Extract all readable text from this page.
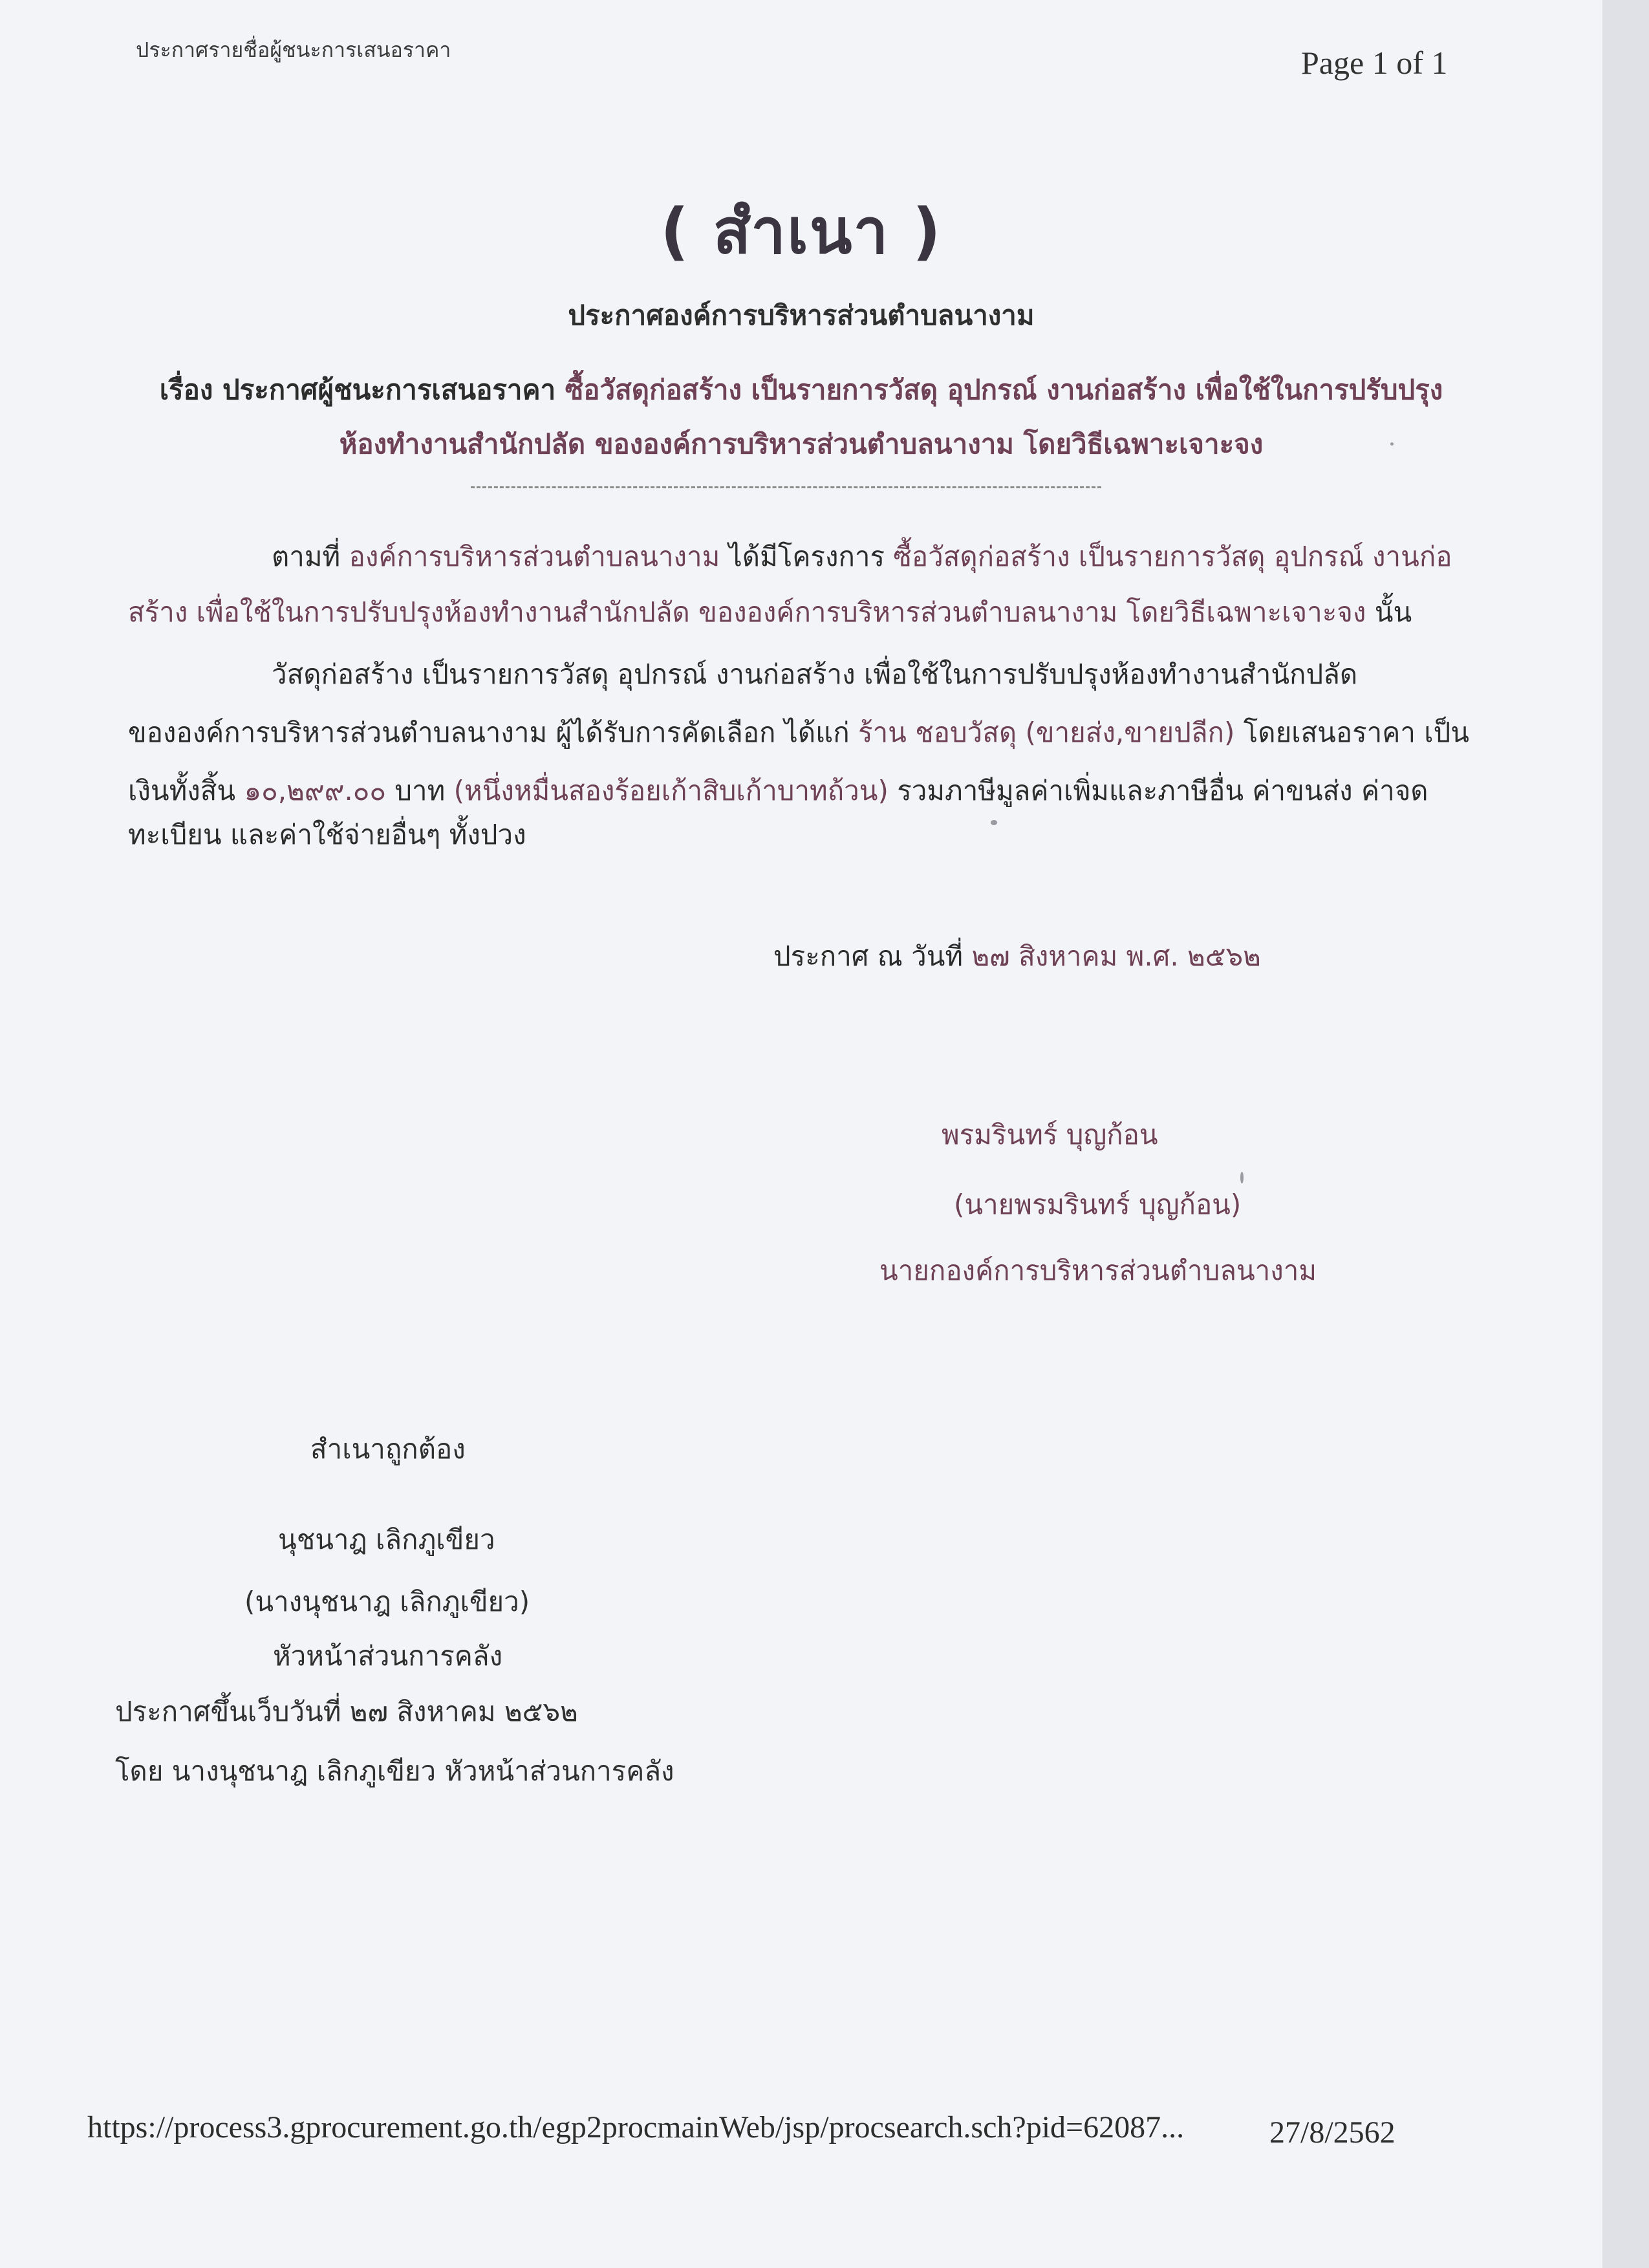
ประกาศรายชื่อผู้ชนะการเสนอราคา	Page 1 of 1
( สำเนา )
ประกาศองค์การบริหารส่วนตำบลนางาม
เรื่อง ประกาศผู้ชนะการเสนอราคา ซื้อวัสดุก่อสร้าง เป็นรายการวัสดุ อุปกรณ์ งานก่อสร้าง เพื่อใช้ในการปรับปรุง
ห้องทำงานสำนักปลัด ขององค์การบริหารส่วนตำบลนางาม โดยวิธีเฉพาะเจาะจง
ตามที่ องค์การบริหารส่วนตำบลนางาม ได้มีโครงการ ซื้อวัสดุก่อสร้าง เป็นรายการวัสดุ อุปกรณ์ งานก่อ
สร้าง เพื่อใช้ในการปรับปรุงห้องทำงานสำนักปลัด ขององค์การบริหารส่วนตำบลนางาม โดยวิธีเฉพาะเจาะจง นั้น
วัสดุก่อสร้าง เป็นรายการวัสดุ อุปกรณ์ งานก่อสร้าง เพื่อใช้ในการปรับปรุงห้องทำงานสำนักปลัด
ขององค์การบริหารส่วนตำบลนางาม ผู้ได้รับการคัดเลือก ได้แก่ ร้าน ชอบวัสดุ (ขายส่ง,ขายปลีก) โดยเสนอราคา เป็น
เงินทั้งสิ้น ๑๐,๒๙๙.๐๐ บาท (หนึ่งหมื่นสองร้อยเก้าสิบเก้าบาทถ้วน) รวมภาษีมูลค่าเพิ่มและภาษีอื่น ค่าขนส่ง ค่าจด
ทะเบียน และค่าใช้จ่ายอื่นๆ ทั้งปวง
ประกาศ ณ วันที่ ๒๗ สิงหาคม พ.ศ. ๒๕๖๒
พรมรินทร์ บุญก้อน
(นายพรมรินทร์ บุญก้อน)
นายกองค์การบริหารส่วนตำบลนางาม
สำเนาถูกต้อง
นุชนาฎ เลิกภูเขียว
(นางนุชนาฎ เลิกภูเขียว)
หัวหน้าส่วนการคลัง
ประกาศขึ้นเว็บวันที่ ๒๗ สิงหาคม ๒๕๖๒
โดย นางนุชนาฎ เลิกภูเขียว หัวหน้าส่วนการคลัง
https://process3.gprocurement.go.th/egp2procmainWeb/jsp/procsearch.sch?pid=62087...	27/8/2562
